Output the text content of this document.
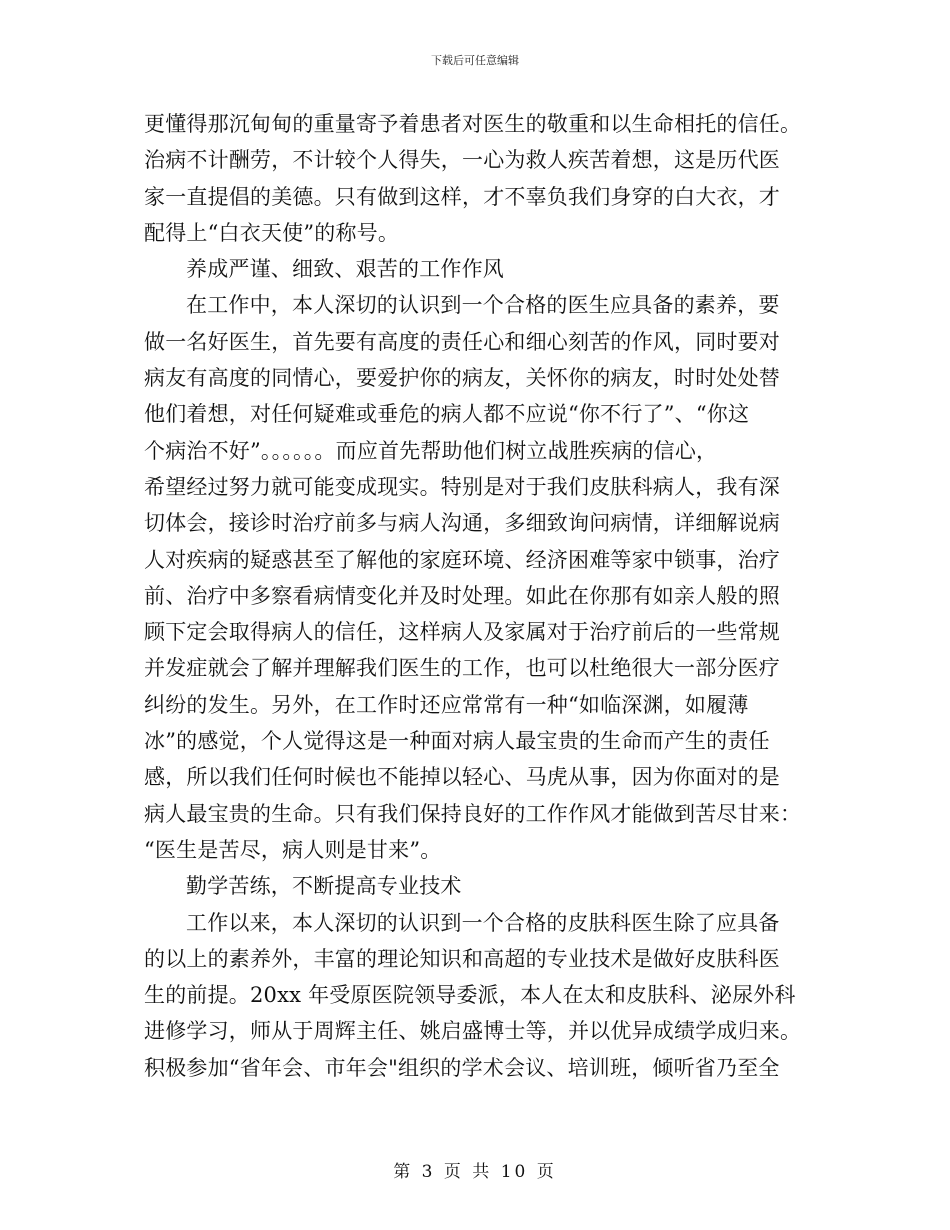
下载后可任意编辑
更懂得那沉甸甸的重量寄予着患者对医生的敬重和以生命相托的信任。
治病不计酬劳，不计较个人得失，一心为救人疾苦着想，这是历代医
家一直提倡的美德。只有做到这样，才不辜负我们身穿的白大衣，才
配得上“白衣天使”的称号。
养成严谨、细致、艰苦的工作作风
在工作中，本人深切的认识到一个合格的医生应具备的素养，要
做一名好医生，首先要有高度的责任心和细心刻苦的作风，同时要对
病友有高度的同情心，要爱护你的病友，关怀你的病友，时时处处替
他们着想，对任何疑难或垂危的病人都不应说“你不行了”、“你这
个病治不好”。。。。。。而应首先帮助他们树立战胜疾病的信心，
希望经过努力就可能变成现实。特别是对于我们皮肤科病人，我有深
切体会，接诊时治疗前多与病人沟通，多细致询问病情，详细解说病
人对疾病的疑惑甚至了解他的家庭环境、经济困难等家中锁事，治疗
前、治疗中多察看病情变化并及时处理。如此在你那有如亲人般的照
顾下定会取得病人的信任，这样病人及家属对于治疗前后的一些常规
并发症就会了解并理解我们医生的工作，也可以杜绝很大一部分医疗
纠纷的发生。另外，在工作时还应常常有一种“如临深渊，如履薄
冰”的感觉，个人觉得这是一种面对病人最宝贵的生命而产生的责任
感，所以我们任何时候也不能掉以轻心、马虎从事，因为你面对的是
病人最宝贵的生命。只有我们保持良好的工作作风才能做到苦尽甘来：
“医生是苦尽，病人则是甘来”。
勤学苦练，不断提高专业技术
工作以来，本人深切的认识到一个合格的皮肤科医生除了应具备
的以上的素养外，丰富的理论知识和高超的专业技术是做好皮肤科医
生的前提。20xx 年受原医院领导委派，本人在太和皮肤科、泌尿外科
进修学习，师从于周辉主任、姚启盛博士等，并以优异成绩学成归来。
积极参加“省年会、市年会"组织的学术会议、培训班，倾听省乃至全
第 3 页 共 10 页
